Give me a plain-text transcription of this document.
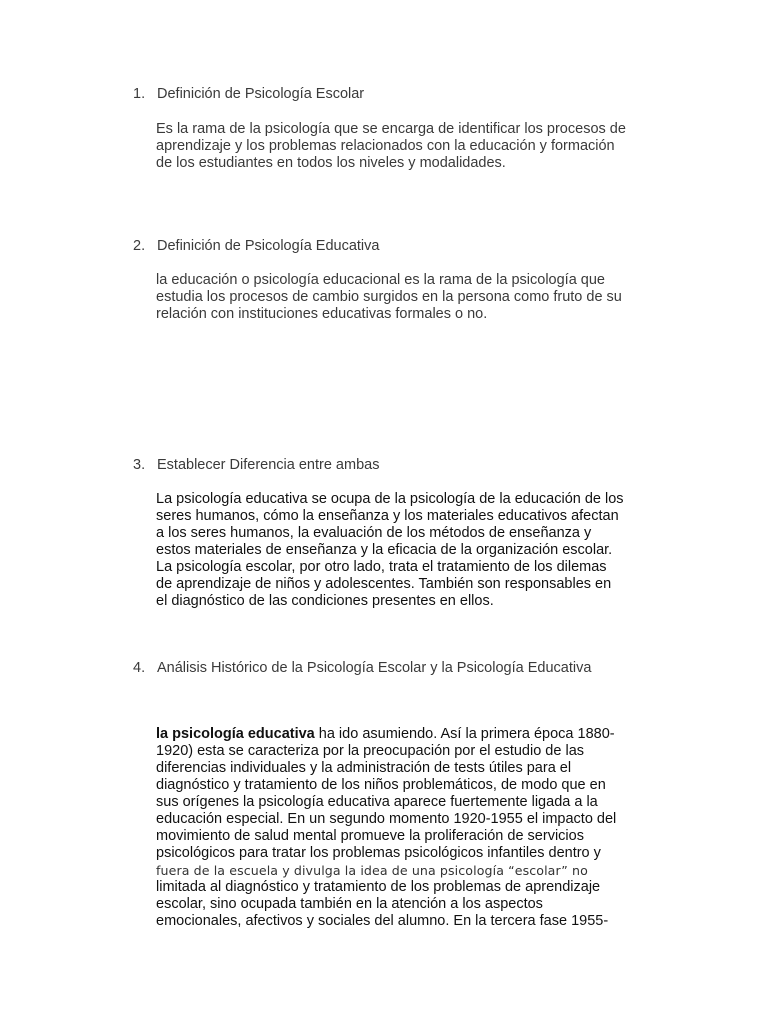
1. Definición de Psicología Escolar
Es la rama de la psicología que se encarga de identificar los procesos de
aprendizaje y los problemas relacionados con la educación y formación
de los estudiantes en todos los niveles y modalidades.
2. Definición de Psicología Educativa
la educación o psicología educacional es la rama de la psicología que
estudia los procesos de cambio surgidos en la persona como fruto de su
relación con instituciones educativas formales o no.
3. Establecer Diferencia entre ambas
La psicología educativa se ocupa de la psicología de la educación de los
seres humanos, cómo la enseñanza y los materiales educativos afectan
a los seres humanos, la evaluación de los métodos de enseñanza y
estos materiales de enseñanza y la eficacia de la organización escolar.
La psicología escolar, por otro lado, trata el tratamiento de los dilemas
de aprendizaje de niños y adolescentes. También son responsables en
el diagnóstico de las condiciones presentes en ellos.
4. Análisis Histórico de la Psicología Escolar y la Psicología Educativa
la psicología educativa ha ido asumiendo. Así la primera época 1880-
1920) esta se caracteriza por la preocupación por el estudio de las
diferencias individuales y la administración de tests útiles para el
diagnóstico y tratamiento de los niños problemáticos, de modo que en
sus orígenes la psicología educativa aparece fuertemente ligada a la
educación especial. En un segundo momento 1920-1955 el impacto del
movimiento de salud mental promueve la proliferación de servicios
psicológicos para tratar los problemas psicológicos infantiles dentro y
fuera de la escuela y divulga la idea de una psicología “escolar” no
limitada al diagnóstico y tratamiento de los problemas de aprendizaje
escolar, sino ocupada también en la atención a los aspectos
emocionales, afectivos y sociales del alumno. En la tercera fase 1955-
